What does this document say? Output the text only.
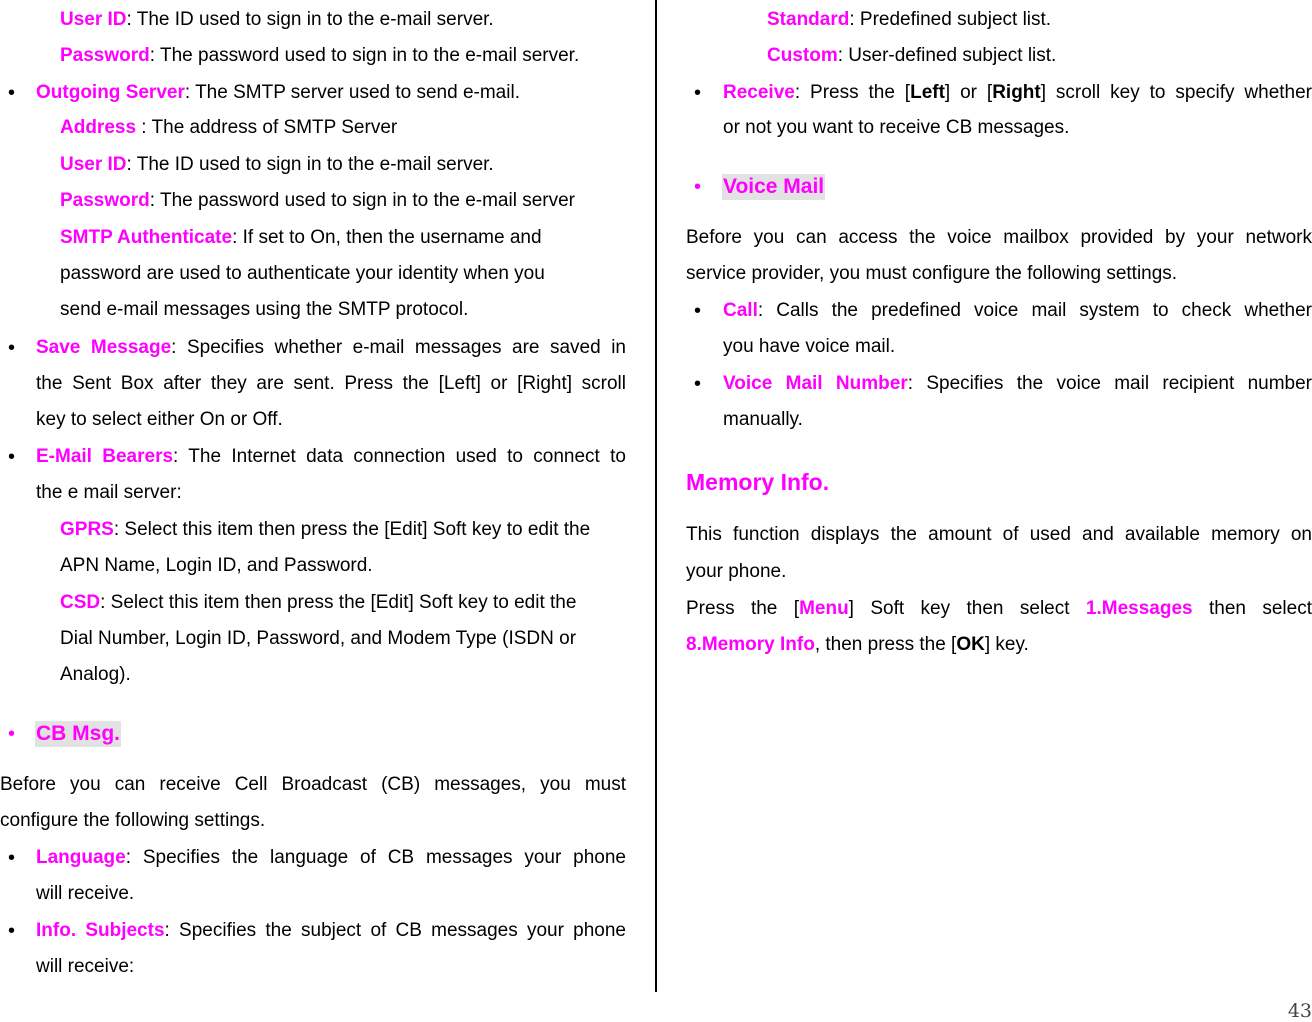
User ID: The ID used to sign in to the e-mail server.
Password: The password used to sign in to the e-mail server.
• Outgoing Server: The SMTP server used to send e-mail.
Address : The address of SMTP Server
User ID: The ID used to sign in to the e-mail server.
Password: The password used to sign in to the e-mail server
SMTP Authenticate: If set to On, then the username and
password are used to authenticate your identity when you
send e-mail messages using the SMTP protocol.
• Save Message: Specifies whether e-mail messages are saved in
the Sent Box after they are sent. Press the [Left] or [Right] scroll
key to select either On or Off.
• E-Mail Bearers: The Internet data connection used to connect to
the e mail server:
GPRS: Select this item then press the [Edit] Soft key to edit the
APN Name, Login ID, and Password.
CSD: Select this item then press the [Edit] Soft key to edit the
Dial Number, Login ID, Password, and Modem Type (ISDN or
Analog).
• CB Msg.
Before you can receive Cell Broadcast (CB) messages, you must
configure the following settings.
• Language: Specifies the language of CB messages your phone
will receive.
• Info. Subjects: Specifies the subject of CB messages your phone
will receive:
Standard: Predefined subject list.
Custom: User-defined subject list.
• Receive: Press the [Left] or [Right] scroll key to specify whether
or not you want to receive CB messages.
• Voice Mail
Before you can access the voice mailbox provided by your network
service provider, you must configure the following settings.
• Call: Calls the predefined voice mail system to check whether
you have voice mail.
• Voice Mail Number: Specifies the voice mail recipient number
manually.
Memory Info.
This function displays the amount of used and available memory on
your phone.
Press the [Menu] Soft key then select 1.Messages then select
8.Memory Info, then press the [OK] key.
43
